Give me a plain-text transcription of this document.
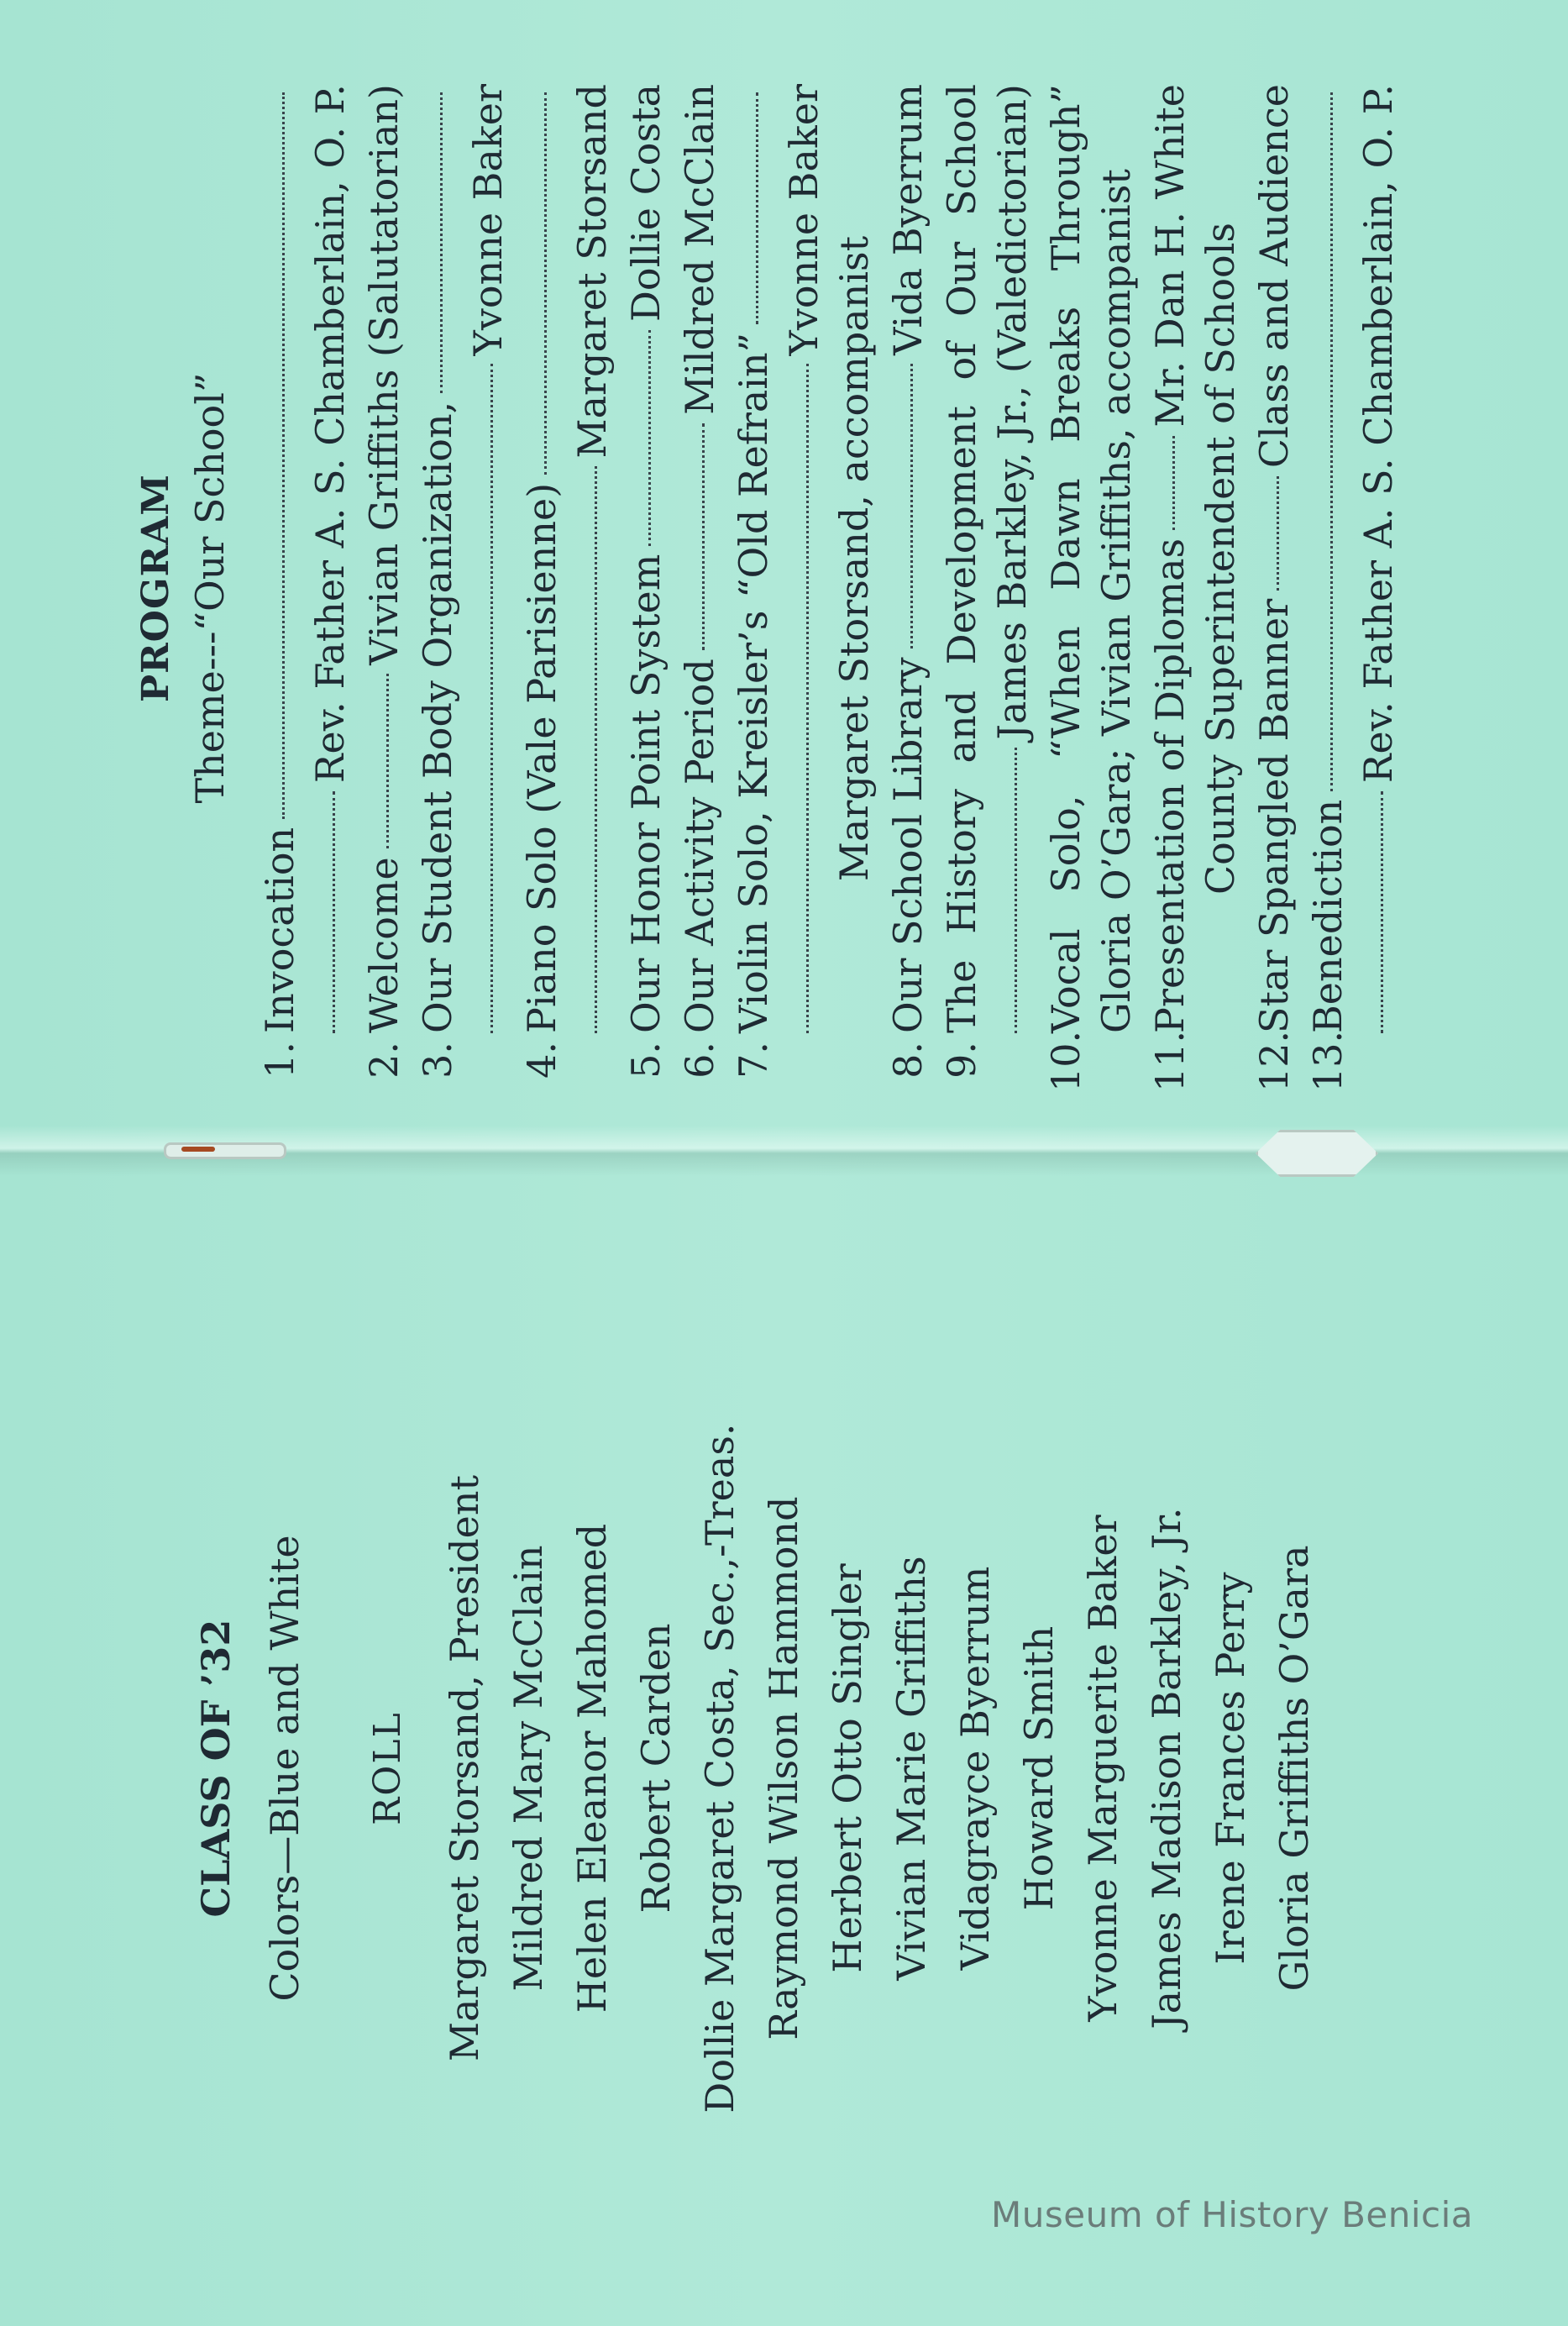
PROGRAM Theme---“Our School”
1.
Invocation
Rev. Father A. S. Chamberlain, O. P.
2.
Welcome
Vivian Griffiths (Salutatorian)
3.
Our Student Body Organization,
Yvonne Baker
4.
Piano Solo (Vale Parisienne)
Margaret Storsand
5.
Our Honor Point System
Dollie Costa
6.
Our Activity Period
Mildred McClain
7.
Violin Solo, Kreisler’s “Old Refrain”
Yvonne Baker
Margaret Storsand, accompanist
8.
Our School Library
Vida Byerrum
9.
The History and Development of Our School James Barkley, Jr., (Valedictorian)
10.
Vocal Solo, “When Dawn Breaks Through” Gloria O’Gara; Vivian Griffiths, accompanist
11.
Presentation of Diplomas
Mr. Dan H. White County Superintendent of Schools
12.
Star Spangled Banner
Class and Audience
13.
Benediction
Rev. Father A. S. Chamberlain, O. P.
CLASS OF ’32 Colors—Blue and White ROLL Margaret Storsand, President Mildred Mary McClain Helen Eleanor Mahomed Robert Carden Dollie Margaret Costa, Sec.,-Treas. Raymond Wilson Hammond Herbert Otto Singler Vivian Marie Griffiths Vidagrayce Byerrum Howard Smith Yvonne Marguerite Baker James Madison Barkley, Jr. Irene Frances Perry Gloria Griffiths O’Gara
Museum of History Benicia
